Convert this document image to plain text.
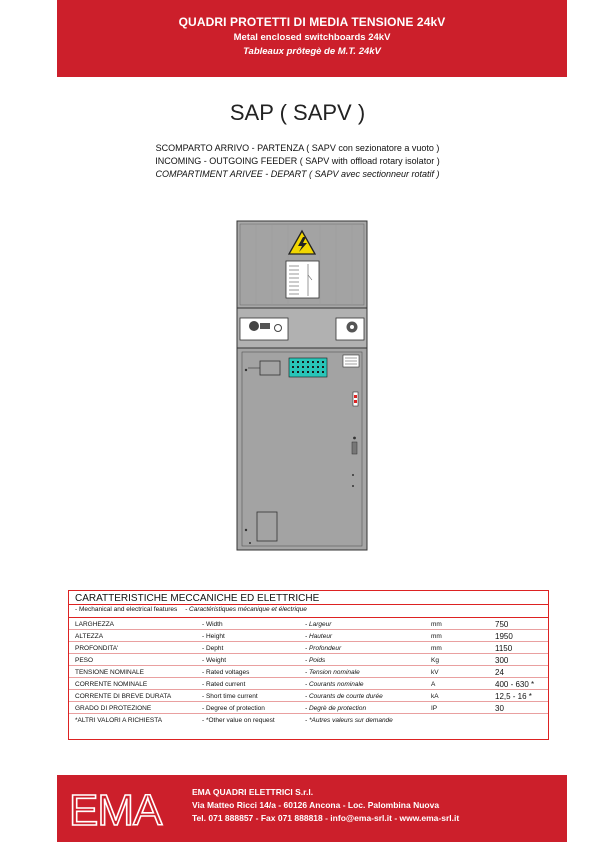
QUADRI PROTETTI DI MEDIA TENSIONE 24kV
Metal enclosed switchboards 24kV
Tableaux prôtegè de M.T. 24kV
SAP ( SAPV )
SCOMPARTO ARRIVO - PARTENZA ( SAPV con sezionatore a vuoto )
INCOMING - OUTGOING FEEDER ( SAPV with offload rotary isolator )
COMPARTIMENT ARIVEE - DEPART ( SAPV avec sectionneur rotatif )
CARATTERISTICHE MECCANICHE ED ELETTRICHE
- Mechanical and electrical features - Caractéristiques mécanique et électrique
LARGHEZZA	- Width	- Largeur	mm	750
ALTEZZA	- Height	- Hauteur	mm	1950
PROFONDITA'	- Depht	- Profondeur	mm	1150
PESO	- Weight	- Poids	Kg	300
TENSIONE NOMINALE	- Rated voltages	- Tension nominale	kV	24
CORRENTE NOMINALE	- Rated current	- Courants nominale	A	400 - 630 *
CORRENTE DI BREVE DURATA	- Short time current	- Courants de courte durée	kA	12,5 - 16 *
GRADO DI PROTEZIONE	- Degree of protection	- Degrè de protection	IP	30
*ALTRI VALORI A RICHIESTA	- *Other value on request	- *Autres valeurs sur demande
EMA	EMA QUADRI ELETTRICI S.r.l.
Via Matteo Ricci 14/a - 60126 Ancona - Loc. Palombina Nuova
Tel. 071 888857 - Fax 071 888818 - info@ema-srl.it - www.ema-srl.it
